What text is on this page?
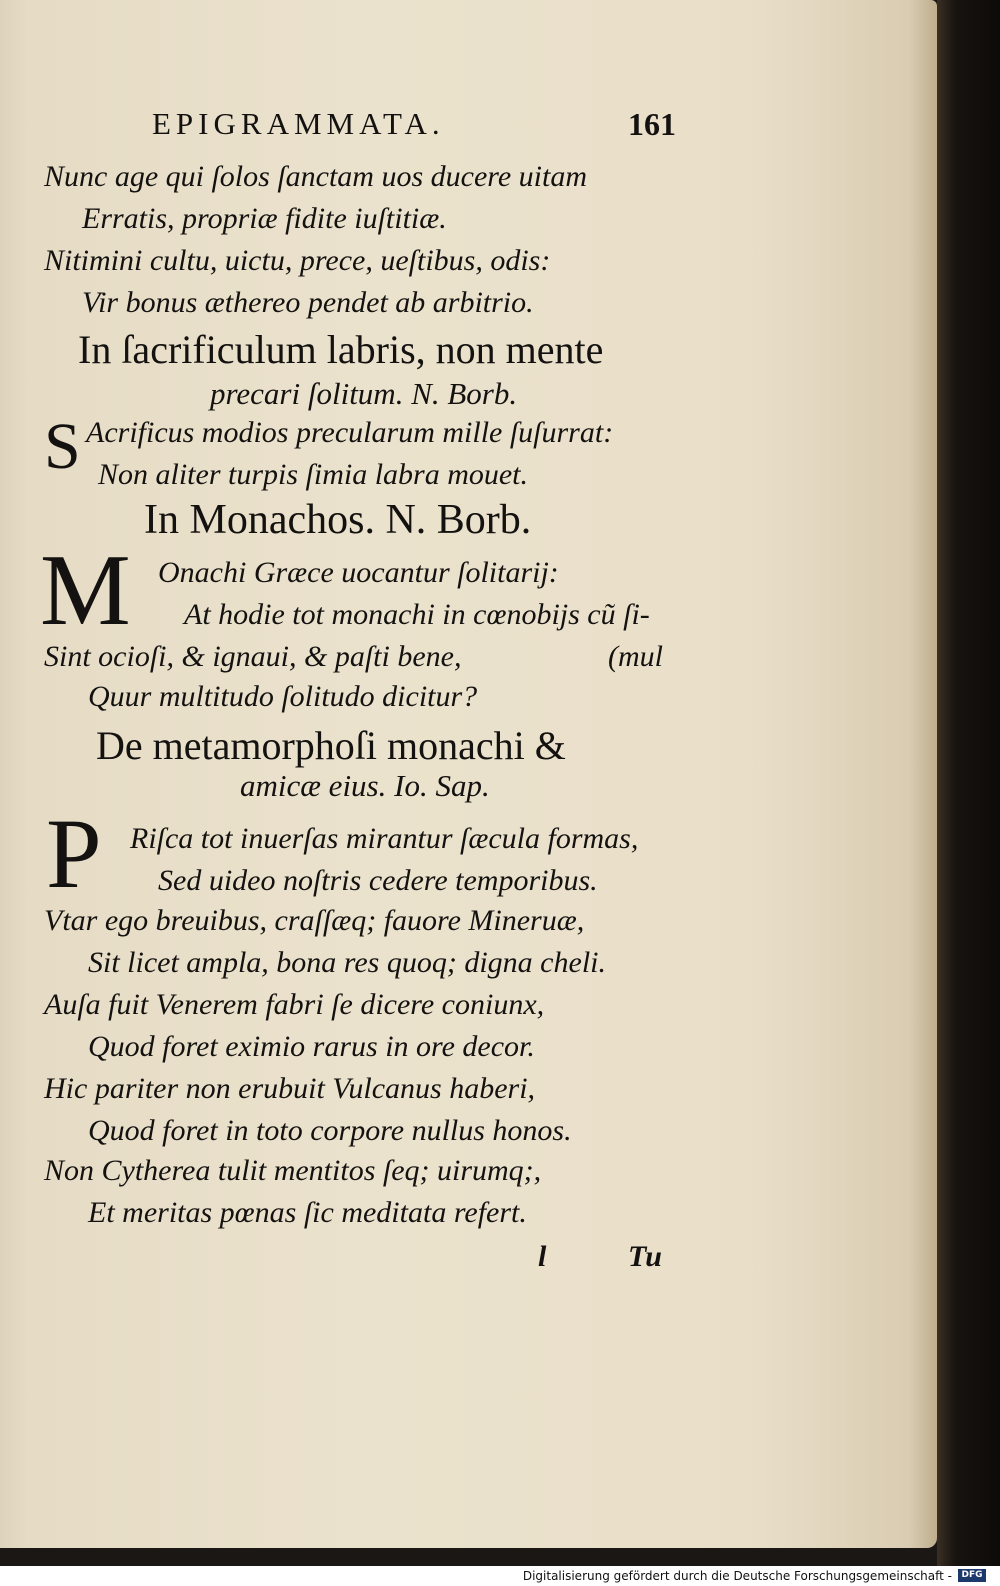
EPIGRAMMATA.	161
Nunc age qui ſolos ſanctam uos ducere uitam
Erratis, propriæ fidite iuſtitiæ.
Nitimini cultu, uictu, prece, ueſtibus, odis:
Vir bonus æthereo pendet ab arbitrio.
In ſacrificulum labris, non mente
precari ſolitum. N. Borb.
S Acrificus modios precularum mille ſuſurrat:
Non aliter turpis ſimia labra mouet.
In Monachos. N. Borb.
M Onachi Græce uocantur ſolitarij:
At hodie tot monachi in cœnobijs cũ ſi-
Sint ocioſi, & ignaui, & paſti bene,	(mul
Quur multitudo ſolitudo dicitur?
De metamorphoſi monachi &
amicæ eius. Io. Sap.
P Riſca tot inuerſas mirantur ſæcula formas,
Sed uideo noſtris cedere temporibus.
Vtar ego breuibus, craſſæq; fauore Mineruæ,
Sit licet ampla, bona res quoq; digna cheli.
Auſa fuit Venerem fabri ſe dicere coniunx,
Quod foret eximio rarus in ore decor.
Hic pariter non erubuit Vulcanus haberi,
Quod foret in toto corpore nullus honos.
Non Cytherea tulit mentitos ſeq; uirumq;,
Et meritas pœnas ſic meditata refert.
l	Tu
Digitalisierung gefördert durch die Deutsche Forschungsgemeinschaft -	DFG
